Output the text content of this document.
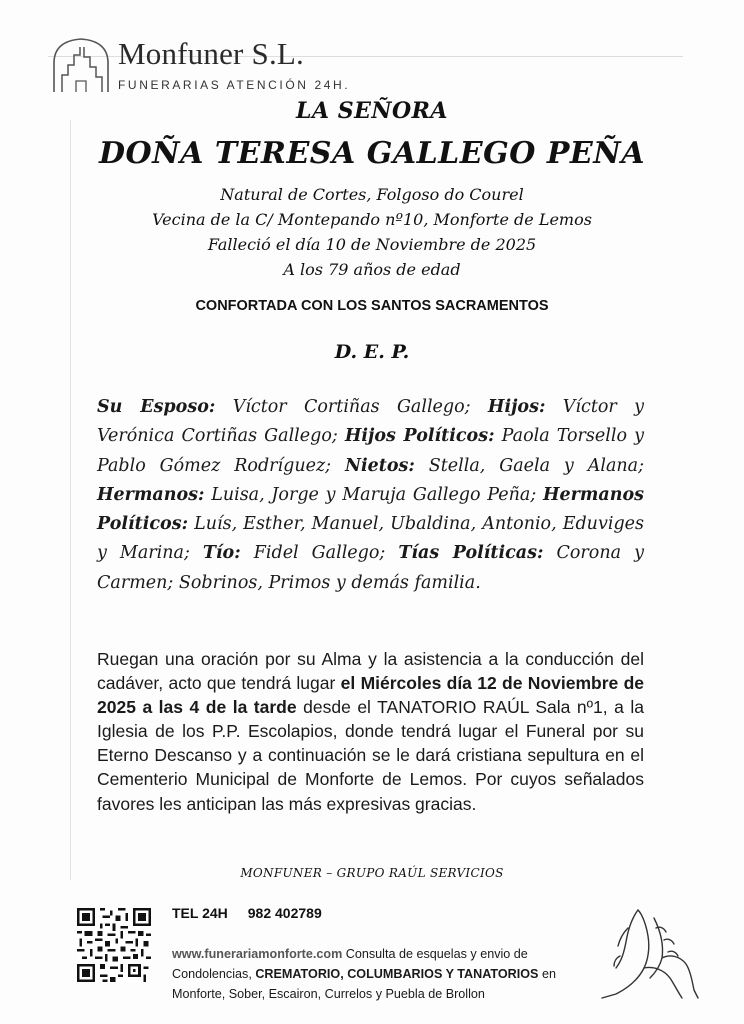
Monfuner S.L.
FUNERARIAS ATENCIÓN 24H.
LA SEÑORA
DOÑA TERESA GALLEGO PEÑA
Natural de Cortes, Folgoso do Courel
Vecina de la C/ Montepando nº10, Monforte de Lemos
Falleció el día 10 de Noviembre de 2025
A los 79 años de edad
CONFORTADA CON LOS SANTOS SACRAMENTOS
D. E. P.
Su Esposo: Víctor Cortiñas Gallego; Hijos: Víctor y Verónica Cortiñas Gallego; Hijos Políticos: Paola Torsello y Pablo Gómez Rodríguez; Nietos: Stella, Gaela y Alana; Hermanos: Luisa, Jorge y Maruja Gallego Peña; Hermanos Políticos: Luís, Esther, Manuel, Ubaldina, Antonio, Eduviges y Marina; Tío: Fidel Gallego; Tías Políticas: Corona y Carmen; Sobrinos, Primos y demás familia.
Ruegan una oración por su Alma y la asistencia a la conducción del cadáver, acto que tendrá lugar el Miércoles día 12 de Noviembre de 2025 a las 4 de la tarde desde el TANATORIO RAÚL Sala nº1, a la Iglesia de los P.P. Escolapios, donde tendrá lugar el Funeral por su Eterno Descanso y a continuación se le dará cristiana sepultura en el Cementerio Municipal de Monforte de Lemos. Por cuyos señalados favores les anticipan las más expresivas gracias.
MONFUNER – GRUPO RAÚL SERVICIOS
TEL 24H 982 402789
www.funerariamonforte.com Consulta de esquelas y envio de Condolencias, CREMATORIO, COLUMBARIOS Y TANATORIOS en Monforte, Sober, Escairon, Currelos y Puebla de Brollon
